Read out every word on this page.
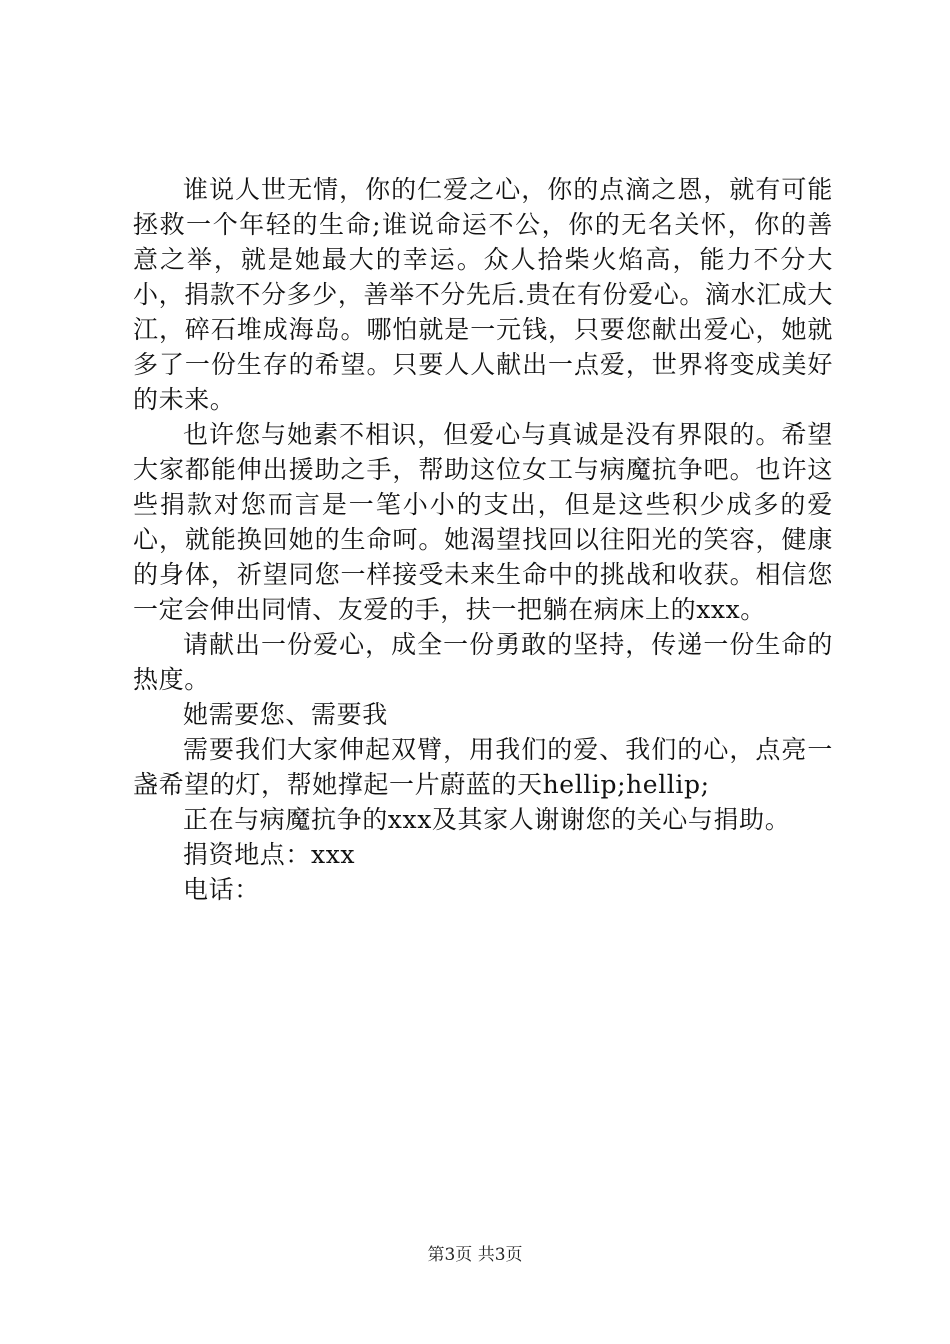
谁说人世无情，你的仁爱之心，你的点滴之恩，就有可能拯救一个年轻的生命;谁说命运不公，你的无名关怀，你的善意之举，就是她最大的幸运。众人拾柴火焰高，能力不分大小，捐款不分多少，善举不分先后.贵在有份爱心。滴水汇成大江，碎石堆成海岛。哪怕就是一元钱，只要您献出爱心，她就多了一份生存的希望。只要人人献出一点爱，世界将变成美好的未来。

也许您与她素不相识，但爱心与真诚是没有界限的。希望大家都能伸出援助之手，帮助这位女工与病魔抗争吧。也许这些捐款对您而言是一笔小小的支出，但是这些积少成多的爱心，就能换回她的生命呵。她渴望找回以往阳光的笑容，健康的身体，祈望同您一样接受未来生命中的挑战和收获。相信您一定会伸出同情、友爱的手，扶一把躺在病床上的xxx。

请献出一份爱心，成全一份勇敢的坚持，传递一份生命的热度。

她需要您、需要我

需要我们大家伸起双臂，用我们的爱、我们的心，点亮一盏希望的灯，帮她撑起一片蔚蓝的天hellip;hellip;

正在与病魔抗争的xxx及其家人谢谢您的关心与捐助。

捐资地点：xxx

电话：

第3页 共3页
